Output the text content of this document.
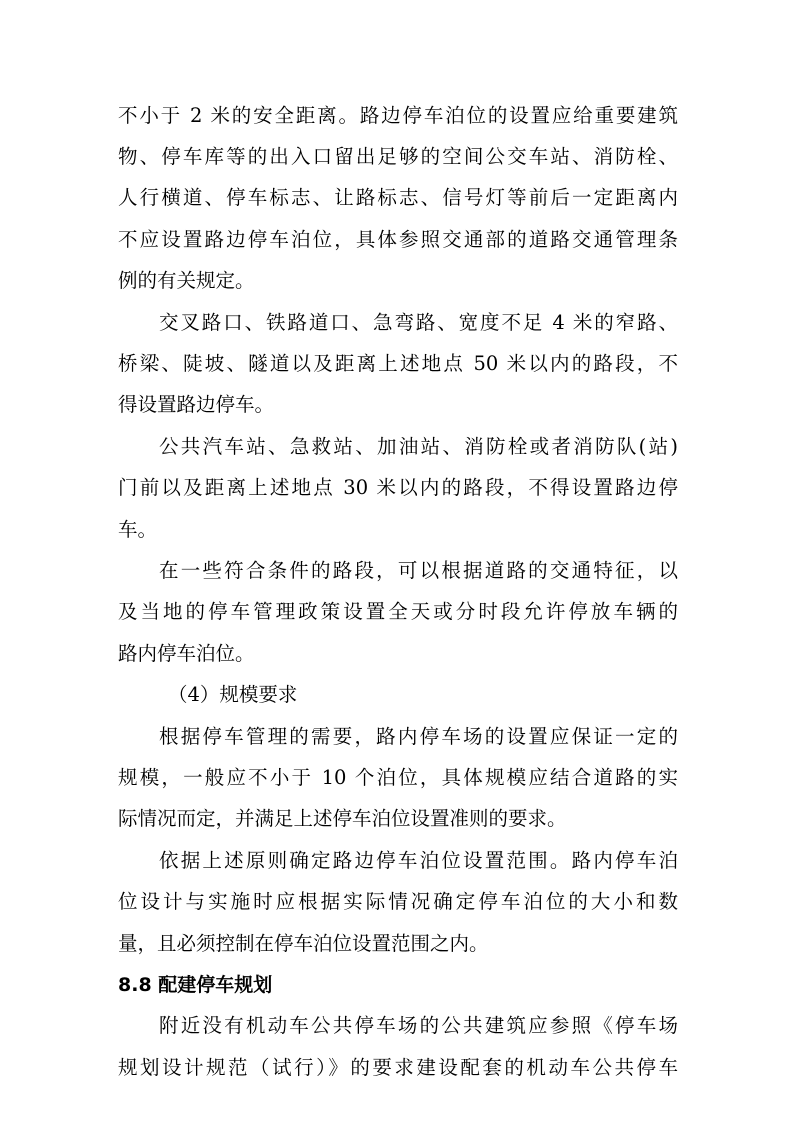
不小于 2 米的安全距离。路边停车泊位的设置应给重要建筑

物、停车库等的出入口留出足够的空间公交车站、消防栓、

人行横道、停车标志、让路标志、信号灯等前后一定距离内

不应设置路边停车泊位，具体参照交通部的道路交通管理条

例的有关规定。

交叉路口、铁路道口、急弯路、宽度不足 4 米的窄路、

桥梁、陡坡、隧道以及距离上述地点 50 米以内的路段，不

得设置路边停车。

公共汽车站、急救站、加油站、消防栓或者消防队(站)

门前以及距离上述地点 30 米以内的路段，不得设置路边停

车。

在一些符合条件的路段，可以根据道路的交通特征，以

及当地的停车管理政策设置全天或分时段允许停放车辆的

路内停车泊位。

（4）规模要求

根据停车管理的需要，路内停车场的设置应保证一定的

规模，一般应不小于 10 个泊位，具体规模应结合道路的实

际情况而定，并满足上述停车泊位设置准则的要求。

依据上述原则确定路边停车泊位设置范围。路内停车泊

位设计与实施时应根据实际情况确定停车泊位的大小和数

量，且必须控制在停车泊位设置范围之内。

8.8 配建停车规划

附近没有机动车公共停车场的公共建筑应参照《停车场

规划设计规范（试行）》的要求建设配套的机动车公共停车
